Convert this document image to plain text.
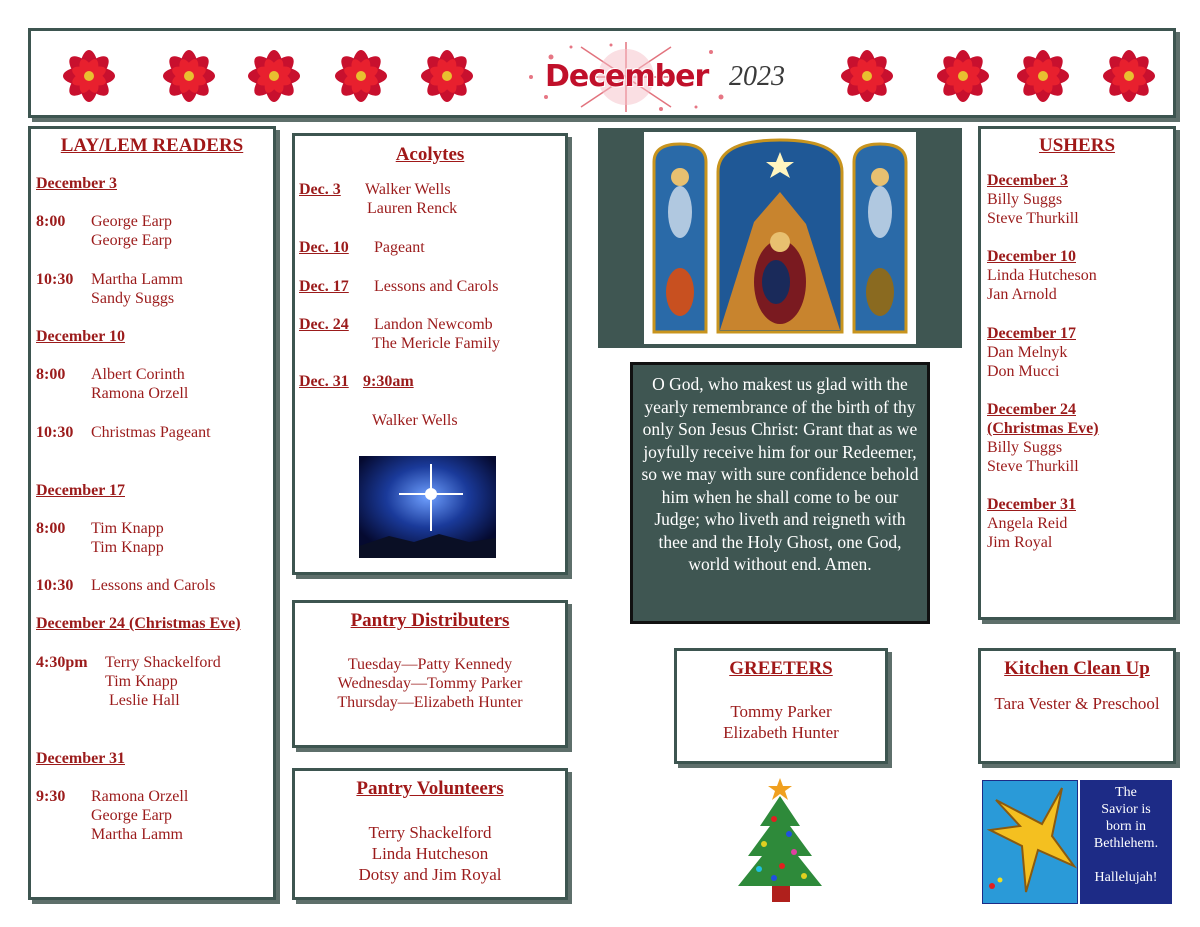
December 2023
LAY/LEM READERS
December 3
8:00 George Earp
George Earp
10:30 Martha Lamm
Sandy Suggs
December 10
8:00 Albert Corinth
Ramona Orzell
10:30 Christmas Pageant
December 17
8:00 Tim Knapp
Tim Knapp
10:30 Lessons and Carols
December 24 (Christmas Eve)
4:30pm Terry Shackelford
Tim Knapp
Leslie Hall
December 31
9:30 Ramona Orzell
George Earp
Martha Lamm
Acolytes
Dec. 3 Walker Wells
Lauren Renck
Dec. 10 Pageant
Dec. 17 Lessons and Carols
Dec. 24 Landon Newcomb
The Mericle Family
Dec. 31 9:30am
Walker Wells
Pantry Distributers
Tuesday—Patty Kennedy
Wednesday—Tommy Parker
Thursday—Elizabeth Hunter
Pantry Volunteers
Terry Shackelford
Linda Hutcheson
Dotsy and Jim Royal
O God, who makest us glad with the yearly remembrance of the birth of thy only Son Jesus Christ: Grant that as we joyfully receive him for our Redeemer, so we may with sure confidence behold him when he shall come to be our Judge; who liveth and reigneth with thee and the Holy Ghost, one God, world without end. Amen.
GREETERS
Tommy Parker
Elizabeth Hunter
USHERS
December 3
Billy Suggs
Steve Thurkill
December 10
Linda Hutcheson
Jan Arnold
December 17
Dan Melnyk
Don Mucci
December 24
(Christmas Eve)
Billy Suggs
Steve Thurkill
December 31
Angela Reid
Jim Royal
Kitchen Clean Up
Tara Vester & Preschool
The
Savior is
born in
Bethlehem.
Hallelujah!
